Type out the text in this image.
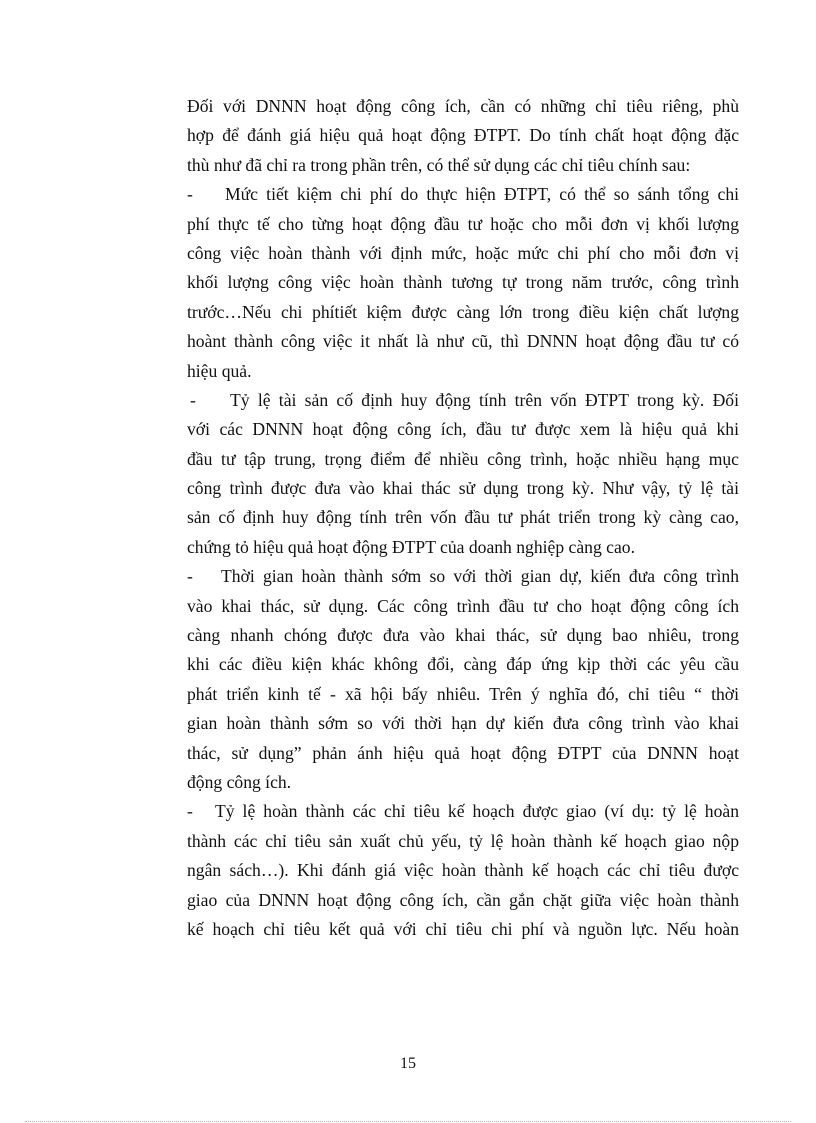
Đối với DNNN hoạt động công ích, cần có những chỉ tiêu riêng, phù
hợp để đánh giá hiệu quả hoạt động ĐTPT. Do tính chất hoạt động đặc
thù như đã chỉ ra trong phần trên, có thể sử dụng các chỉ tiêu chính sau:
-	Mức tiết kiệm chi phí do thực hiện ĐTPT, có thể so sánh tổng chi
phí thực tế cho từng hoạt động đầu tư hoặc cho mỗi đơn vị khối lượng
công việc hoàn thành với định mức, hoặc mức chi phí cho mỗi đơn vị
khối lượng công việc hoàn thành tương tự trong năm trước, công trình
trước…Nếu chi phítiết kiệm được càng lớn trong điều kiện chất lượng
hoànt thành công việc it nhất là như cũ, thì DNNN hoạt động đầu tư có
hiệu quả.
-	Tỷ lệ tài sản cố định huy động tính trên vốn ĐTPT trong kỳ. Đối
với các DNNN hoạt động công ích, đầu tư được xem là hiệu quả khi
đầu tư tập trung, trọng điểm để nhiều công trình, hoặc nhiều hạng mục
công trình được đưa vào khai thác sử dụng trong kỳ. Như vậy, tỷ lệ tài
sản cố định huy động tính trên vốn đầu tư phát triển trong kỳ càng cao,
chứng tỏ hiệu quả hoạt động ĐTPT của doanh nghiệp càng cao.
-	Thời gian hoàn thành sớm so với thời gian dự, kiến đưa công trình
vào khai thác, sử dụng. Các công trình đầu tư cho hoạt động công ích
càng nhanh chóng được đưa vào khai thác, sử dụng bao nhiêu, trong
khi các điều kiện khác không đổi, càng đáp ứng kịp thời các yêu cầu
phát triển kinh tế - xã hội bấy nhiêu. Trên ý nghĩa đó, chỉ tiêu “ thời
gian hoàn thành sớm so với thời hạn dự kiến đưa công trình vào khai
thác, sử dụng” phản ánh hiệu quả hoạt động ĐTPT của DNNN hoạt
động công ích.
-	Tỷ lệ hoàn thành các chỉ tiêu kế hoạch được giao (ví dụ: tỷ lệ hoàn
thành các chỉ tiêu sản xuất chủ yếu, tỷ lệ hoàn thành kế hoạch giao nộp
ngân sách…). Khi đánh giá việc hoàn thành kế hoạch các chỉ tiêu được
giao của DNNN hoạt động công ích, cần gắn chặt giữa việc hoàn thành
kế hoạch chỉ tiêu kết quả với chỉ tiêu chi phí và nguồn lực. Nếu hoàn
15
